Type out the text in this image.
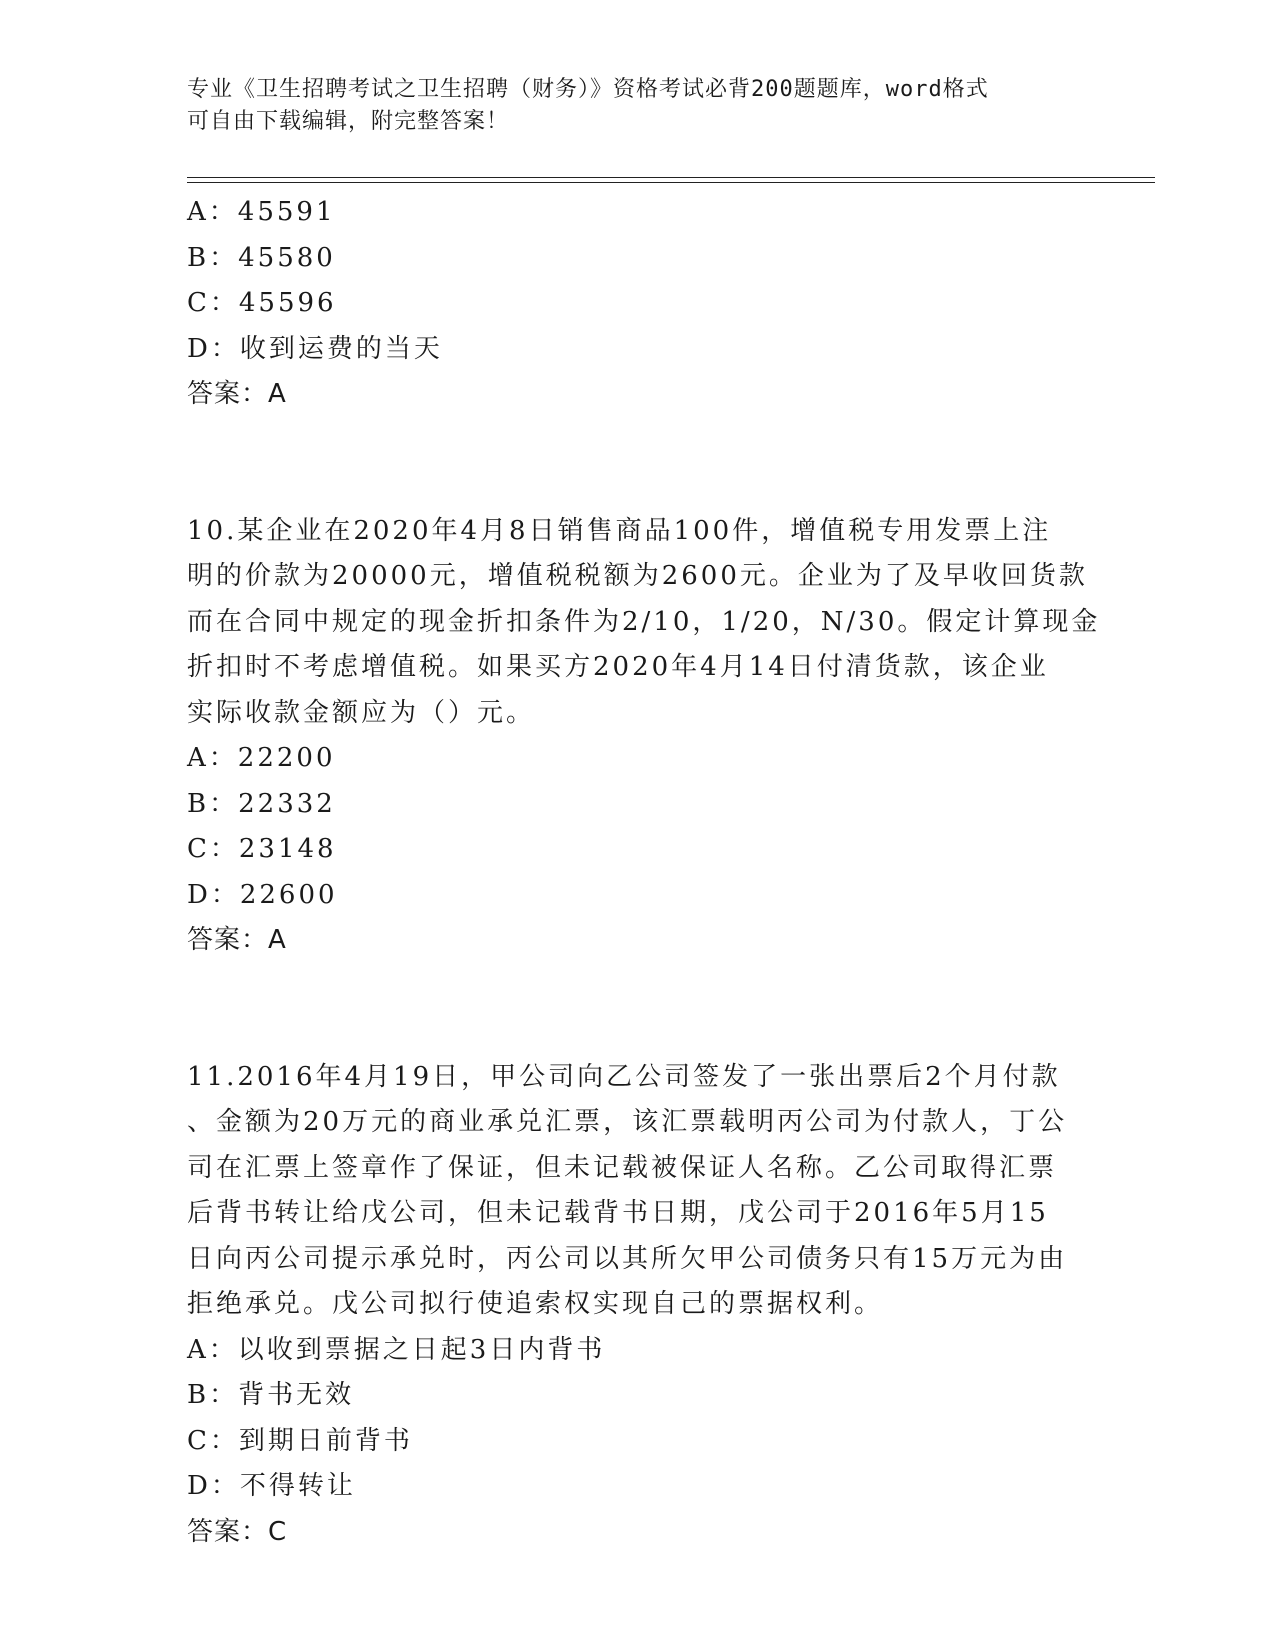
专业《卫生招聘考试之卫生招聘（财务）》资格考试必背200题题库，word格式
可自由下载编辑，附完整答案！
A：45591
B：45580
C：45596
D：收到运费的当天
答案：A
10.某企业在2020年4月8日销售商品100件，增值税专用发票上注
明的价款为20000元，增值税税额为2600元。企业为了及早收回货款
而在合同中规定的现金折扣条件为2/10，1/20，N/30。假定计算现金
折扣时不考虑增值税。如果买方2020年4月14日付清货款，该企业
实际收款金额应为（）元。
A：22200
B：22332
C：23148
D：22600
答案：A
11.2016年4月19日，甲公司向乙公司签发了一张出票后2个月付款
、金额为20万元的商业承兑汇票，该汇票载明丙公司为付款人，丁公
司在汇票上签章作了保证，但未记载被保证人名称。乙公司取得汇票
后背书转让给戊公司，但未记载背书日期，戊公司于2016年5月15
日向丙公司提示承兑时，丙公司以其所欠甲公司债务只有15万元为由
拒绝承兑。戊公司拟行使追索权实现自己的票据权利。
A：以收到票据之日起3日内背书
B：背书无效
C：到期日前背书
D：不得转让
答案：C
